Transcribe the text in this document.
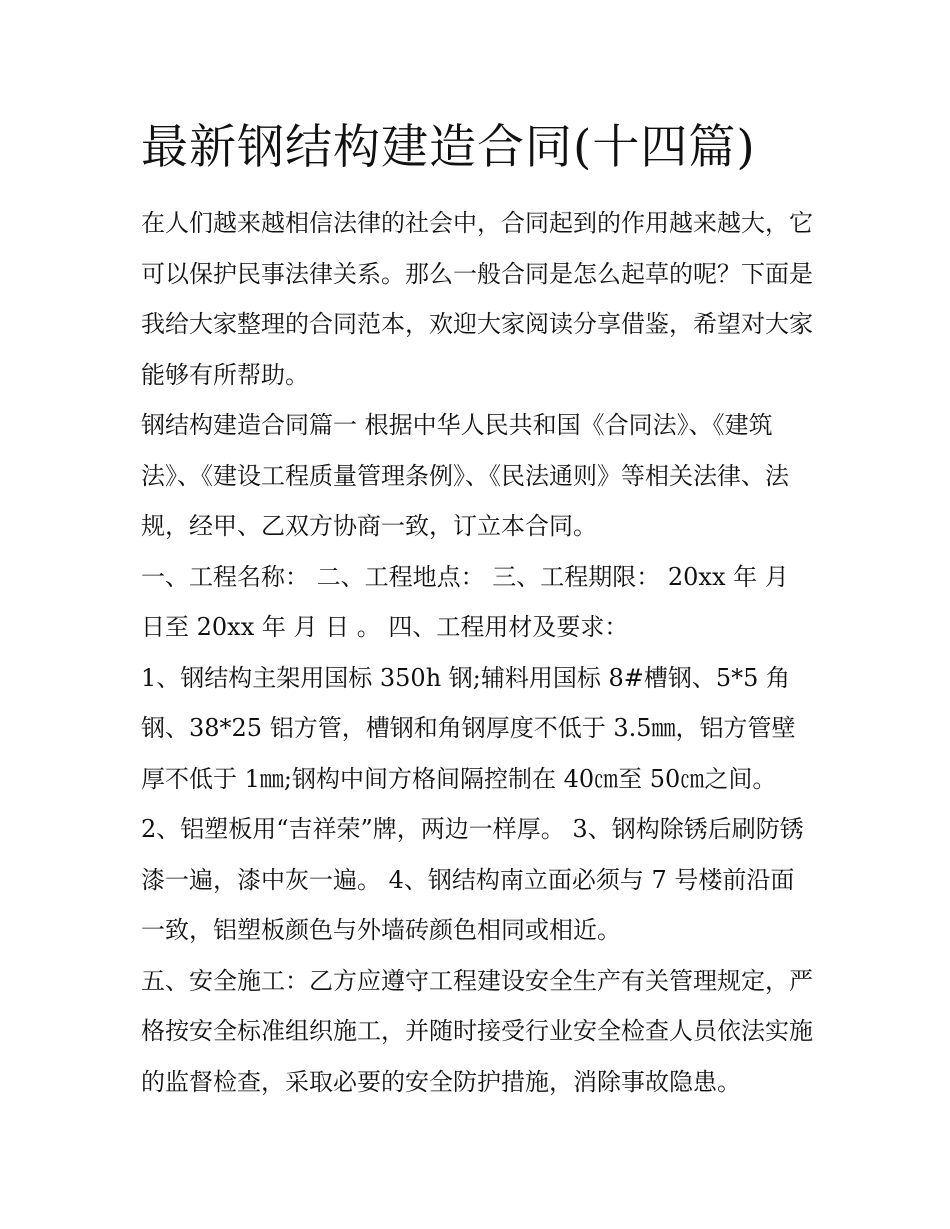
最新钢结构建造合同(十四篇)

在人们越来越相信法律的社会中，合同起到的作用越来越大，它可以保护民事法律关系。那么一般合同是怎么起草的呢？下面是我给大家整理的合同范本，欢迎大家阅读分享借鉴，希望对大家能够有所帮助。

钢结构建造合同篇一 根据中华人民共和国《合同法》、《建筑法》、《建设工程质量管理条例》、《民法通则》等相关法律、法规，经甲、乙双方协商一致，订立本合同。

一、工程名称： 二、工程地点： 三、工程期限： 20xx 年 月 日至 20xx 年 月 日 。 四、工程用材及要求：

1、钢结构主架用国标 350h 钢;辅料用国标 8#槽钢、5*5 角钢、38*25 铝方管，槽钢和角钢厚度不低于 3.5㎜，铝方管壁厚不低于 1㎜;钢构中间方格间隔控制在 40㎝至 50㎝之间。

2、铝塑板用“吉祥荣”牌，两边一样厚。 3、钢构除锈后刷防锈漆一遍，漆中灰一遍。 4、钢结构南立面必须与 7 号楼前沿面一致，铝塑板颜色与外墙砖颜色相同或相近。

五、安全施工：乙方应遵守工程建设安全生产有关管理规定，严格按安全标准组织施工，并随时接受行业安全检查人员依法实施的监督检查，采取必要的安全防护措施，消除事故隐患。
